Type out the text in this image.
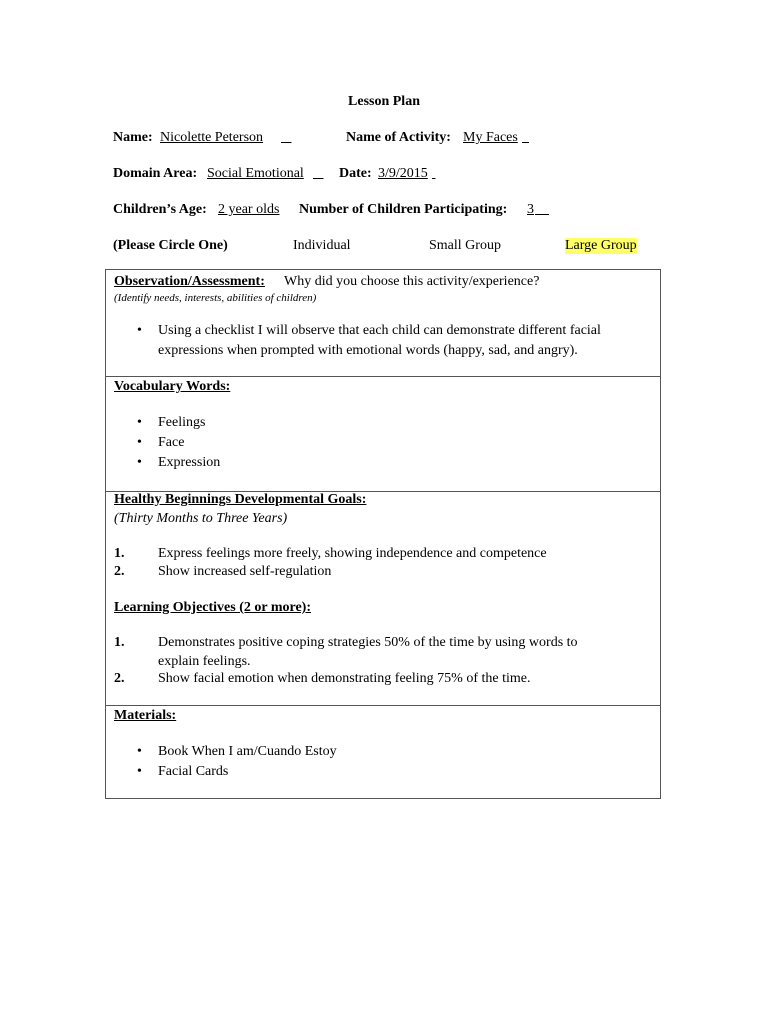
Lesson Plan
Name: Nicolette Peterson
	Name of Activity: My Faces

Domain Area: Social Emotional
	Date: 3/9/2015

Children’s Age: 2 year olds Number of Children Participating: 3

(Please Circle One)	Individual	Small Group	Large Group
Observation/Assessment: Why did you choose this activity/experience?
(Identify needs, interests, abilities of children)
• Using a checklist I will observe that each child can demonstrate different facial
expressions when prompted with emotional words (happy, sad, and angry).
Vocabulary Words:
• Feelings
• Face
• Expression
Healthy Beginnings Developmental Goals:
(Thirty Months to Three Years)
1. Express feelings more freely, showing independence and competence
2. Show increased self-regulation
Learning Objectives (2 or more):
1. Demonstrates positive coping strategies 50% of the time by using words to
explain feelings.
2. Show facial emotion when demonstrating feeling 75% of the time.
Materials:
• Book When I am/Cuando Estoy
• Facial Cards
